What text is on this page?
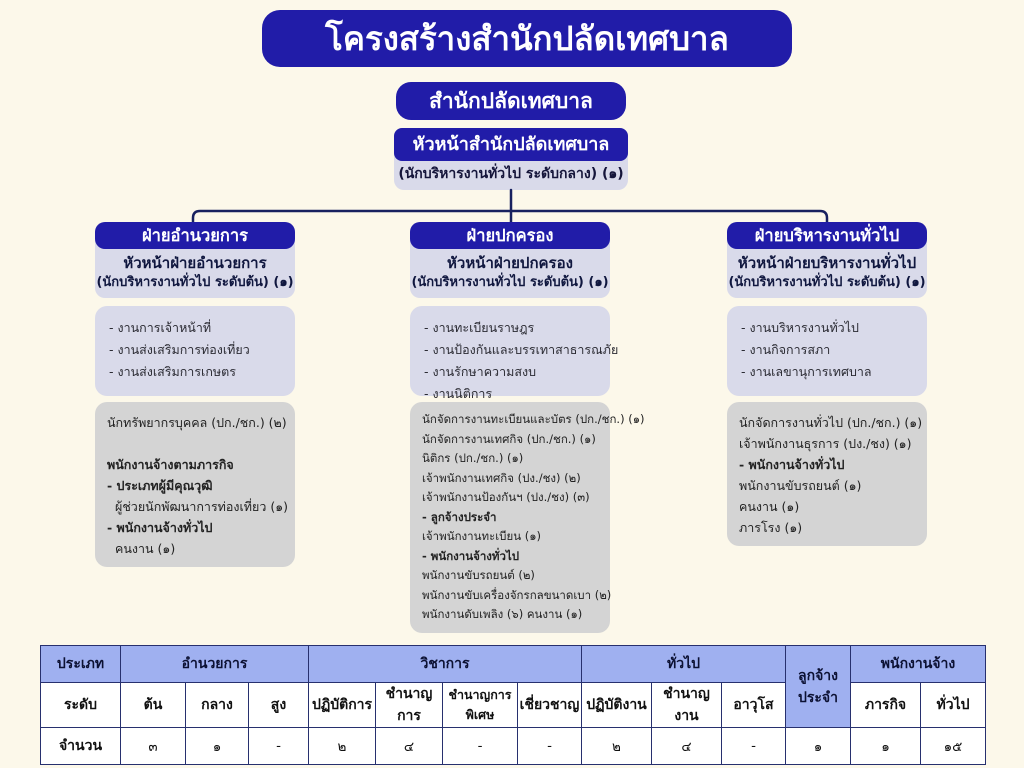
โครงสร้างสำนักปลัดเทศบาล
สำนักปลัดเทศบาล
หัวหน้าสำนักปลัดเทศบาล
(นักบริหารงานทั่วไป ระดับกลาง) (๑)
ฝ่ายอำนวยการ
หัวหน้าฝ่ายอำนวยการ
(นักบริหารงานทั่วไป ระดับต้น) (๑)
- งานการเจ้าหน้าที่
- งานส่งเสริมการท่องเที่ยว
- งานส่งเสริมการเกษตร
นักทรัพยากรบุคคล (ปก./ชก.) (๒)
พนักงานจ้างตามภารกิจ
- ประเภทผู้มีคุณวุฒิ
ผู้ช่วยนักพัฒนาการท่องเที่ยว (๑)
- พนักงานจ้างทั่วไป
คนงาน (๑)
ฝ่ายปกครอง
หัวหน้าฝ่ายปกครอง
(นักบริหารงานทั่วไป ระดับต้น) (๑)
- งานทะเบียนราษฎร
- งานป้องกันและบรรเทาสาธารณภัย
- งานรักษาความสงบ
- งานนิติการ
นักจัดการงานทะเบียนและบัตร (ปก./ชก.) (๑)
นักจัดการงานเทศกิจ (ปก./ชก.) (๑)
นิติกร (ปก./ชก.) (๑)
เจ้าพนักงานเทศกิจ (ปง./ชง) (๒)
เจ้าพนักงานป้องกันฯ (ปง./ชง) (๓)
- ลูกจ้างประจำ
เจ้าพนักงานทะเบียน (๑)
- พนักงานจ้างทั่วไป
พนักงานขับรถยนต์ (๒)
พนักงานขับเครื่องจักรกลขนาดเบา (๒)
พนักงานดับเพลิง (๖) คนงาน (๑)
ฝ่ายบริหารงานทั่วไป
หัวหน้าฝ่ายบริหารงานทั่วไป
(นักบริหารงานทั่วไป ระดับต้น) (๑)
- งานบริหารงานทั่วไป
- งานกิจการสภา
- งานเลขานุการเทศบาล
นักจัดการงานทั่วไป (ปก./ชก.) (๑)
เจ้าพนักงานธุรการ (ปง./ชง) (๑)
- พนักงานจ้างทั่วไป
พนักงานขับรถยนต์ (๑)
คนงาน (๑)
ภารโรง (๑)
ประเภท	อำนวยการ			วิชาการ				ทั่วไป			ลูกจ้างประจำ	พนักงานจ้าง	
ระดับ	ต้น	กลาง	สูง	ปฏิบัติการ	ชำนาญการ	ชำนาญการพิเศษ	เชี่ยวชาญ	ปฏิบัติงาน	ชำนาญงาน	อาวุโส		ภารกิจ	ทั่วไป
จำนวน	๓	๑	-	๒	๔	-	-	๒	๔	-	๑	๑	๑๕
